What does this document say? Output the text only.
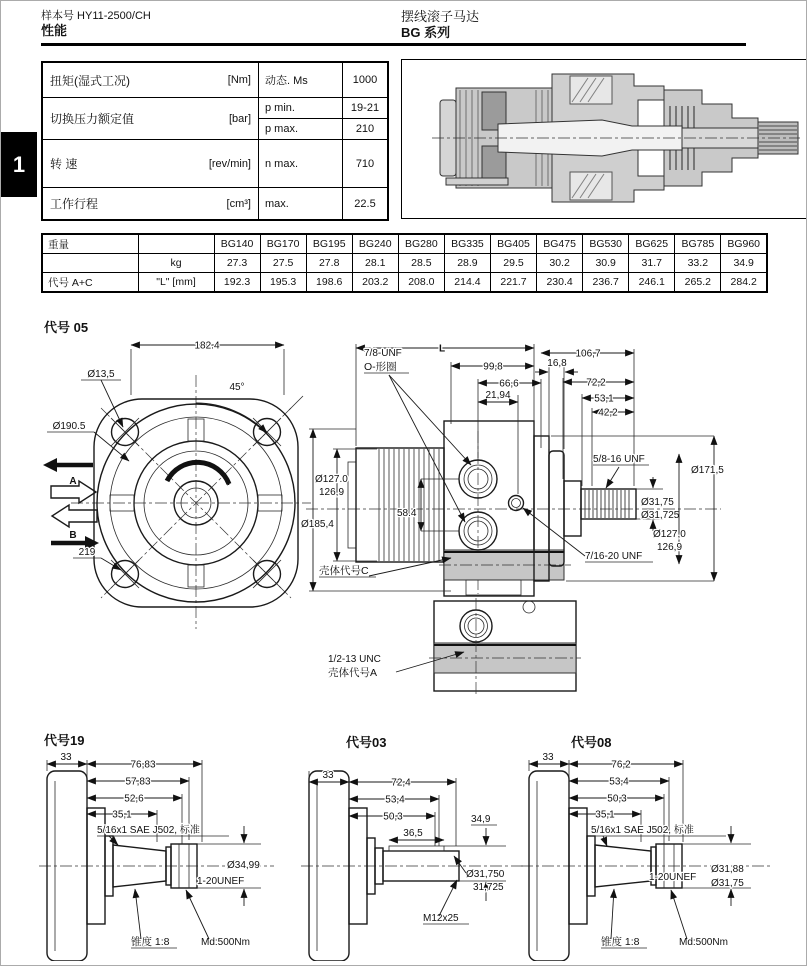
样本号 HY11-2500/CH
性能
摆线滚子马达
BG 系列
1
扭矩(湿式工况)	[Nm]	动态. Ms	1000
切换压力额定值	[bar]
p min.	19-21
p max.	210
转 速	[rev/min]	n max.	710
工作行程	[cm³]	max.	22.5
重量		BG140	BG170	BG195	BG240	BG280	BG335	BG405	BG475	BG530	BG625	BG785	BG960
	kg	27.3	27.5	27.8	28.1	28.5	28.9	29.5	30.2	30.9	31.7	33.2	34.9
代号 A+C	"L" [mm]	192.3	195.3	198.6	203.2	208.0	214.4	221.7	230.4	236.7	246.1	265.2	284.2
代号 05
182.4
Ø13,5
45°
Ø190.5
A
B
219
L	106,7
99,8	16,8
66,6	72,2
21,94	53,1
42,2
7/8-UNF
O-形圈
Ø185,4
Ø127.0
126,9
58.4
壳体代号C
5/8-16 UNF
Ø171,5
Ø31,75
Ø31,725
Ø127,0
126,9
7/16-20 UNF
1/2-13 UNC
壳体代号A
代号19	代号03	代号08
33
76,83
57,83
52,6
35,1
5/16x1 SAE J502, 标准
1-20UNEF
Ø34,99
锥度 1:8	Md:500Nm
33
72,4
53,4
50,3
36,5
34,9
Ø31,750
31,725
M12x25
33
76,2
53,4
50,3
35,1
5/16x1 SAE J502, 标准
1-20UNEF
Ø31,88
Ø31,75
锥度 1:8	Md:500Nm
